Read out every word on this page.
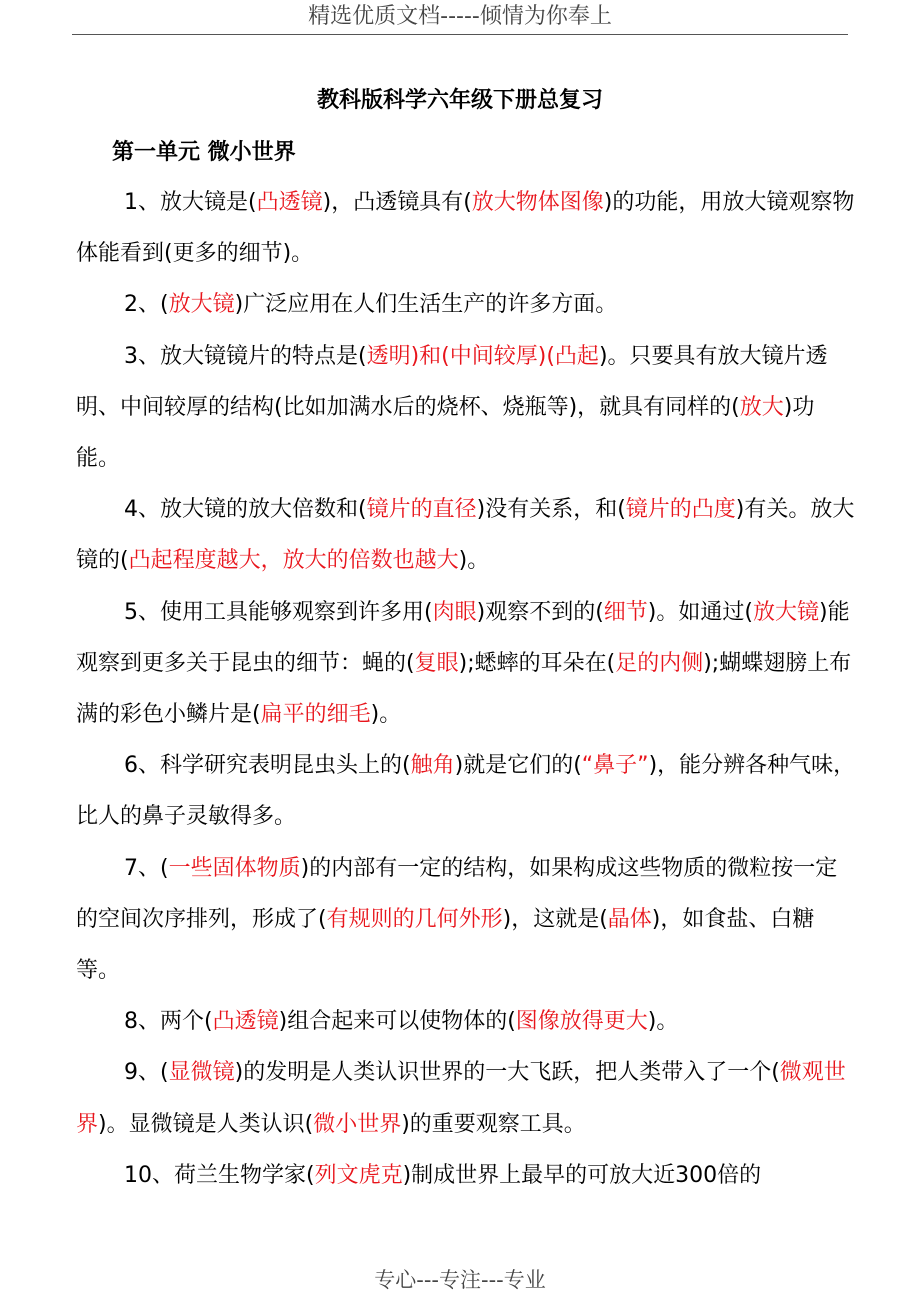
精选优质文档-----倾情为你奉上
教科版科学六年级下册总复习
第一单元 微小世界

1、放大镜是(凸透镜)，凸透镜具有(放大物体图像)的功能，用放大镜观察物体能看到(更多的细节)。

2、(放大镜)广泛应用在人们生活生产的许多方面。

3、放大镜镜片的特点是(透明)和(中间较厚)(凸起)。只要具有放大镜片透明、中间较厚的结构(比如加满水后的烧杯、烧瓶等)，就具有同样的(放大)功能。

4、放大镜的放大倍数和(镜片的直径)没有关系，和(镜片的凸度)有关。放大镜的(凸起程度越大，放大的倍数也越大)。

5、使用工具能够观察到许多用(肉眼)观察不到的(细节)。如通过(放大镜)能观察到更多关于昆虫的细节：蝇的(复眼);蟋蟀的耳朵在(足的内侧);蝴蝶翅膀上布满的彩色小鳞片是(扁平的细毛)。

6、科学研究表明昆虫头上的(触角)就是它们的(“鼻子”)，能分辨各种气味，比人的鼻子灵敏得多。

7、(一些固体物质)的内部有一定的结构，如果构成这些物质的微粒按一定的空间次序排列，形成了(有规则的几何外形)，这就是(晶体)，如食盐、白糖等。

8、两个(凸透镜)组合起来可以使物体的(图像放得更大)。

9、(显微镜)的发明是人类认识世界的一大飞跃，把人类带入了一个(微观世界)。显微镜是人类认识(微小世界)的重要观察工具。

10、荷兰生物学家(列文虎克)制成世界上最早的可放大近300倍的

专心---专注---专业
